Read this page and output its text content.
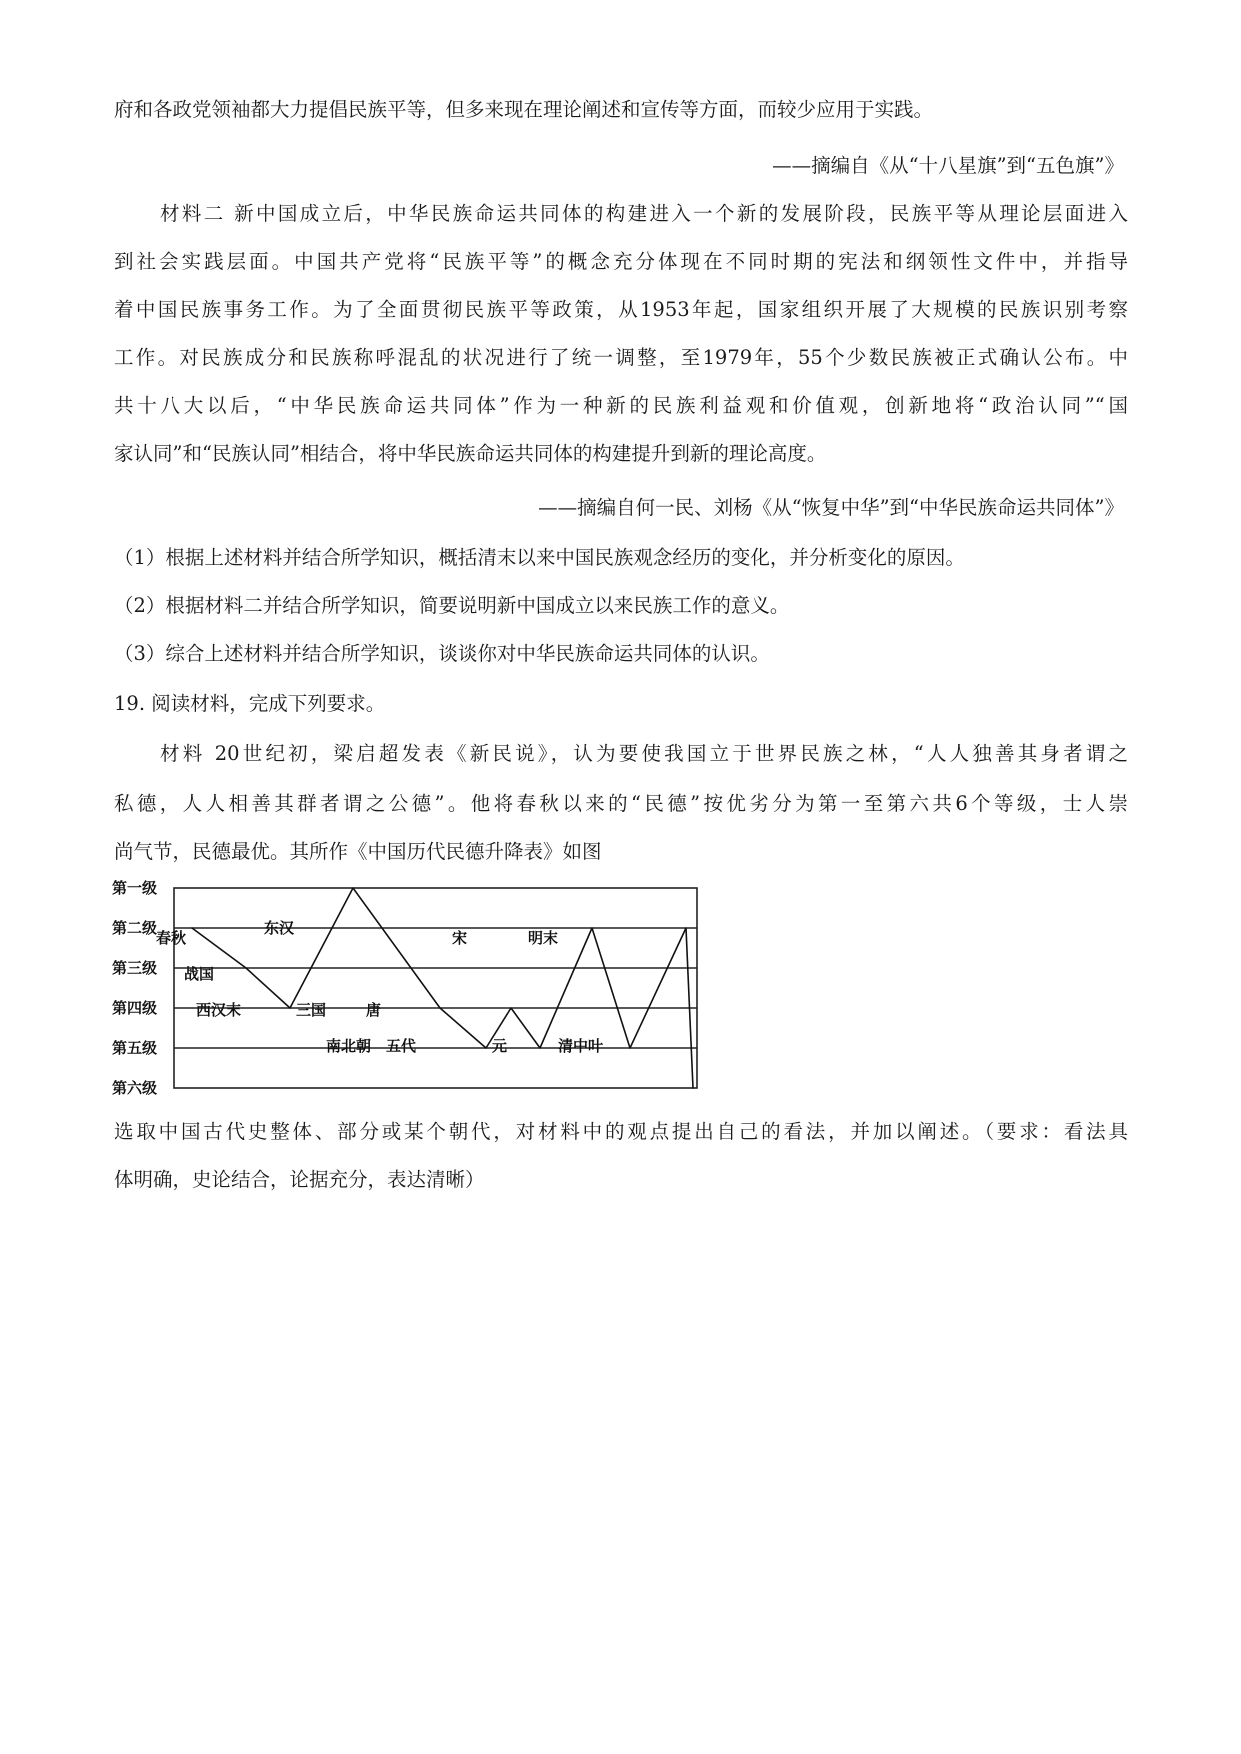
府和各政党领袖都大力提倡民族平等，但多来现在理论阐述和宣传等方面，而较少应用于实践。
——摘编自《从“十八星旗”到“五色旗”》
材料二 新中国成立后，中华民族命运共同体的构建进入一个新的发展阶段，民族平等从理论层面进入
到社会实践层面。中国共产党将“民族平等”的概念充分体现在不同时期的宪法和纲领性文件中，并指导
着中国民族事务工作。为了全面贯彻民族平等政策，从1953年起，国家组织开展了大规模的民族识别考察
工作。对民族成分和民族称呼混乱的状况进行了统一调整，至1979年，55个少数民族被正式确认公布。中
共十八大以后，“中华民族命运共同体”作为一种新的民族利益观和价值观，创新地将“政治认同”“国
家认同”和“民族认同”相结合，将中华民族命运共同体的构建提升到新的理论高度。
——摘编自何一民、刘杨《从“恢复中华”到“中华民族命运共同体”》
（1）根据上述材料并结合所学知识，概括清末以来中国民族观念经历的变化，并分析变化的原因。
（2）根据材料二并结合所学知识，简要说明新中国成立以来民族工作的意义。
（3）综合上述材料并结合所学知识，谈谈你对中华民族命运共同体的认识。
19. 阅读材料，完成下列要求。
材料 20世纪初，梁启超发表《新民说》，认为要使我国立于世界民族之林，“人人独善其身者谓之
私德，人人相善其群者谓之公德”。他将春秋以来的“民德”按优劣分为第一至第六共6个等级，士人崇
尚气节，民德最优。其所作《中国历代民德升降表》如图
第一级
第二级
第三级
第四级
第五级
第六级
春秋
战国
西汉末
东汉
三国
南北朝
唐
五代
宋
元
明末
清中叶
选取中国古代史整体、部分或某个朝代，对材料中的观点提出自己的看法，并加以阐述。（要求：看法具
体明确，史论结合，论据充分，表达清晰）
